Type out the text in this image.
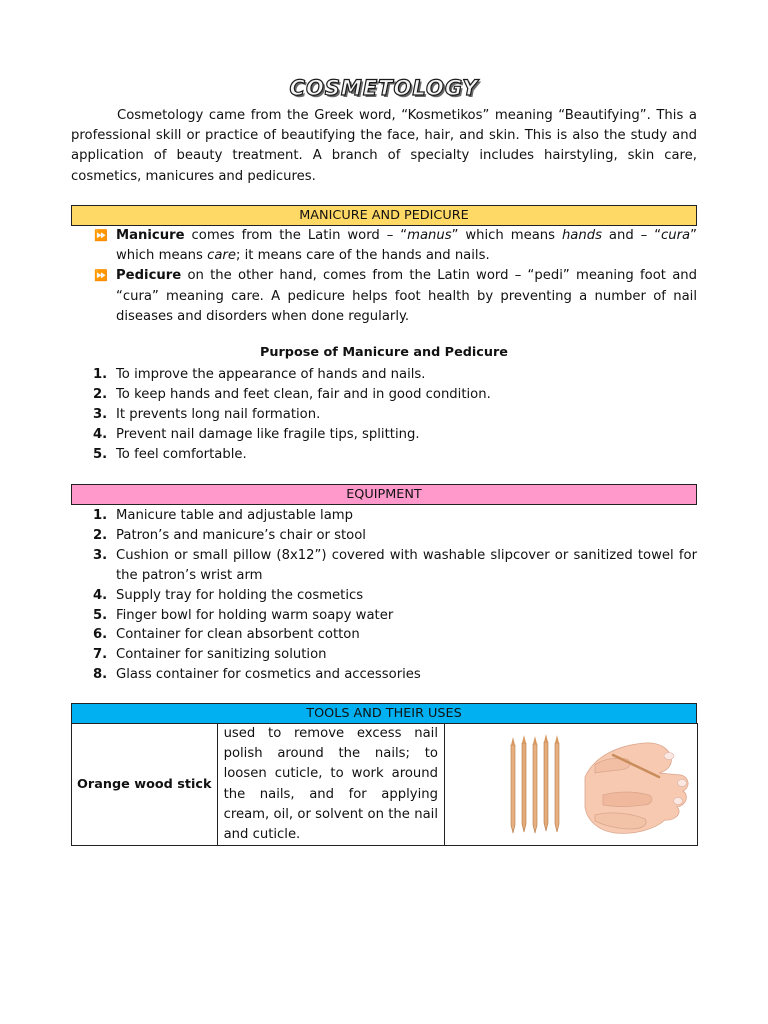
COSMETOLOGY

Cosmetology came from the Greek word, “Kosmetikos” meaning “Beautifying”. This a professional skill or practice of beautifying the face, hair, and skin. This is also the study and application of beauty treatment. A branch of specialty includes hairstyling, skin care, cosmetics, manicures and pedicures.

MANICURE AND PEDICURE
⏩ Manicure comes from the Latin word – “manus” which means hands and – “cura” which means care; it means care of the hands and nails.
⏩ Pedicure on the other hand, comes from the Latin word – “pedi” meaning foot and “cura” meaning care. A pedicure helps foot health by preventing a number of nail diseases and disorders when done regularly.
Purpose of Manicure and Pedicure
1. To improve the appearance of hands and nails.
2. To keep hands and feet clean, fair and in good condition.
3. It prevents long nail formation.
4. Prevent nail damage like fragile tips, splitting.
5. To feel comfortable.
EQUIPMENT
1. Manicure table and adjustable lamp
2. Patron’s and manicure’s chair or stool
3. Cushion or small pillow (8x12”) covered with washable slipcover or sanitized towel for the patron’s wrist arm
4. Supply tray for holding the cosmetics
5. Finger bowl for holding warm soapy water
6. Container for clean absorbent cotton
7. Container for sanitizing solution
8. Glass container for cosmetics and accessories
TOOLS AND THEIR USES
Orange wood stick	used to remove excess nail polish around the nails; to loosen cuticle, to work around the nails, and for applying cream, oil, or solvent on the nail and cuticle.	
